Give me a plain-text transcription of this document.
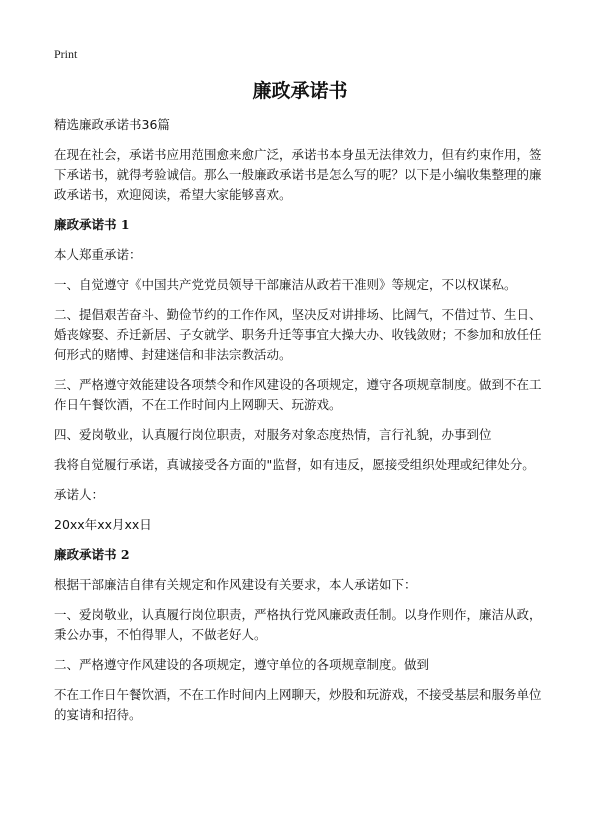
Print
廉政承诺书
精选廉政承诺书36篇

在现在社会，承诺书应用范围愈来愈广泛，承诺书本身虽无法律效力，但有约束作用，签下承诺书，就得考验诚信。那么一般廉政承诺书是怎么写的呢？以下是小编收集整理的廉政承诺书，欢迎阅读，希望大家能够喜欢。

廉政承诺书 1

本人郑重承诺：

一、自觉遵守《中国共产党党员领导干部廉洁从政若干准则》等规定，不以权谋私。

二、提倡艰苦奋斗、勤俭节约的工作作风，坚决反对讲排场、比阔气，不借过节、生日、婚丧嫁娶、乔迁新居、子女就学、职务升迁等事宜大操大办、收钱敛财；不参加和放任任何形式的赌博、封建迷信和非法宗教活动。

三、严格遵守效能建设各项禁令和作风建设的各项规定，遵守各项规章制度。做到不在工作日午餐饮酒，不在工作时间内上网聊天、玩游戏。

四、爱岗敬业，认真履行岗位职责，对服务对象态度热情，言行礼貌，办事到位

我将自觉履行承诺，真诚接受各方面的"监督，如有违反，愿接受组织处理或纪律处分。

承诺人：

20xx年xx月xx日

廉政承诺书 2

根据干部廉洁自律有关规定和作风建设有关要求，本人承诺如下：

一、爱岗敬业，认真履行岗位职责，严格执行党风廉政责任制。以身作则作，廉洁从政，秉公办事，不怕得罪人，不做老好人。

二、严格遵守作风建设的各项规定，遵守单位的各项规章制度。做到

不在工作日午餐饮酒，不在工作时间内上网聊天，炒股和玩游戏，不接受基层和服务单位的宴请和招待。
